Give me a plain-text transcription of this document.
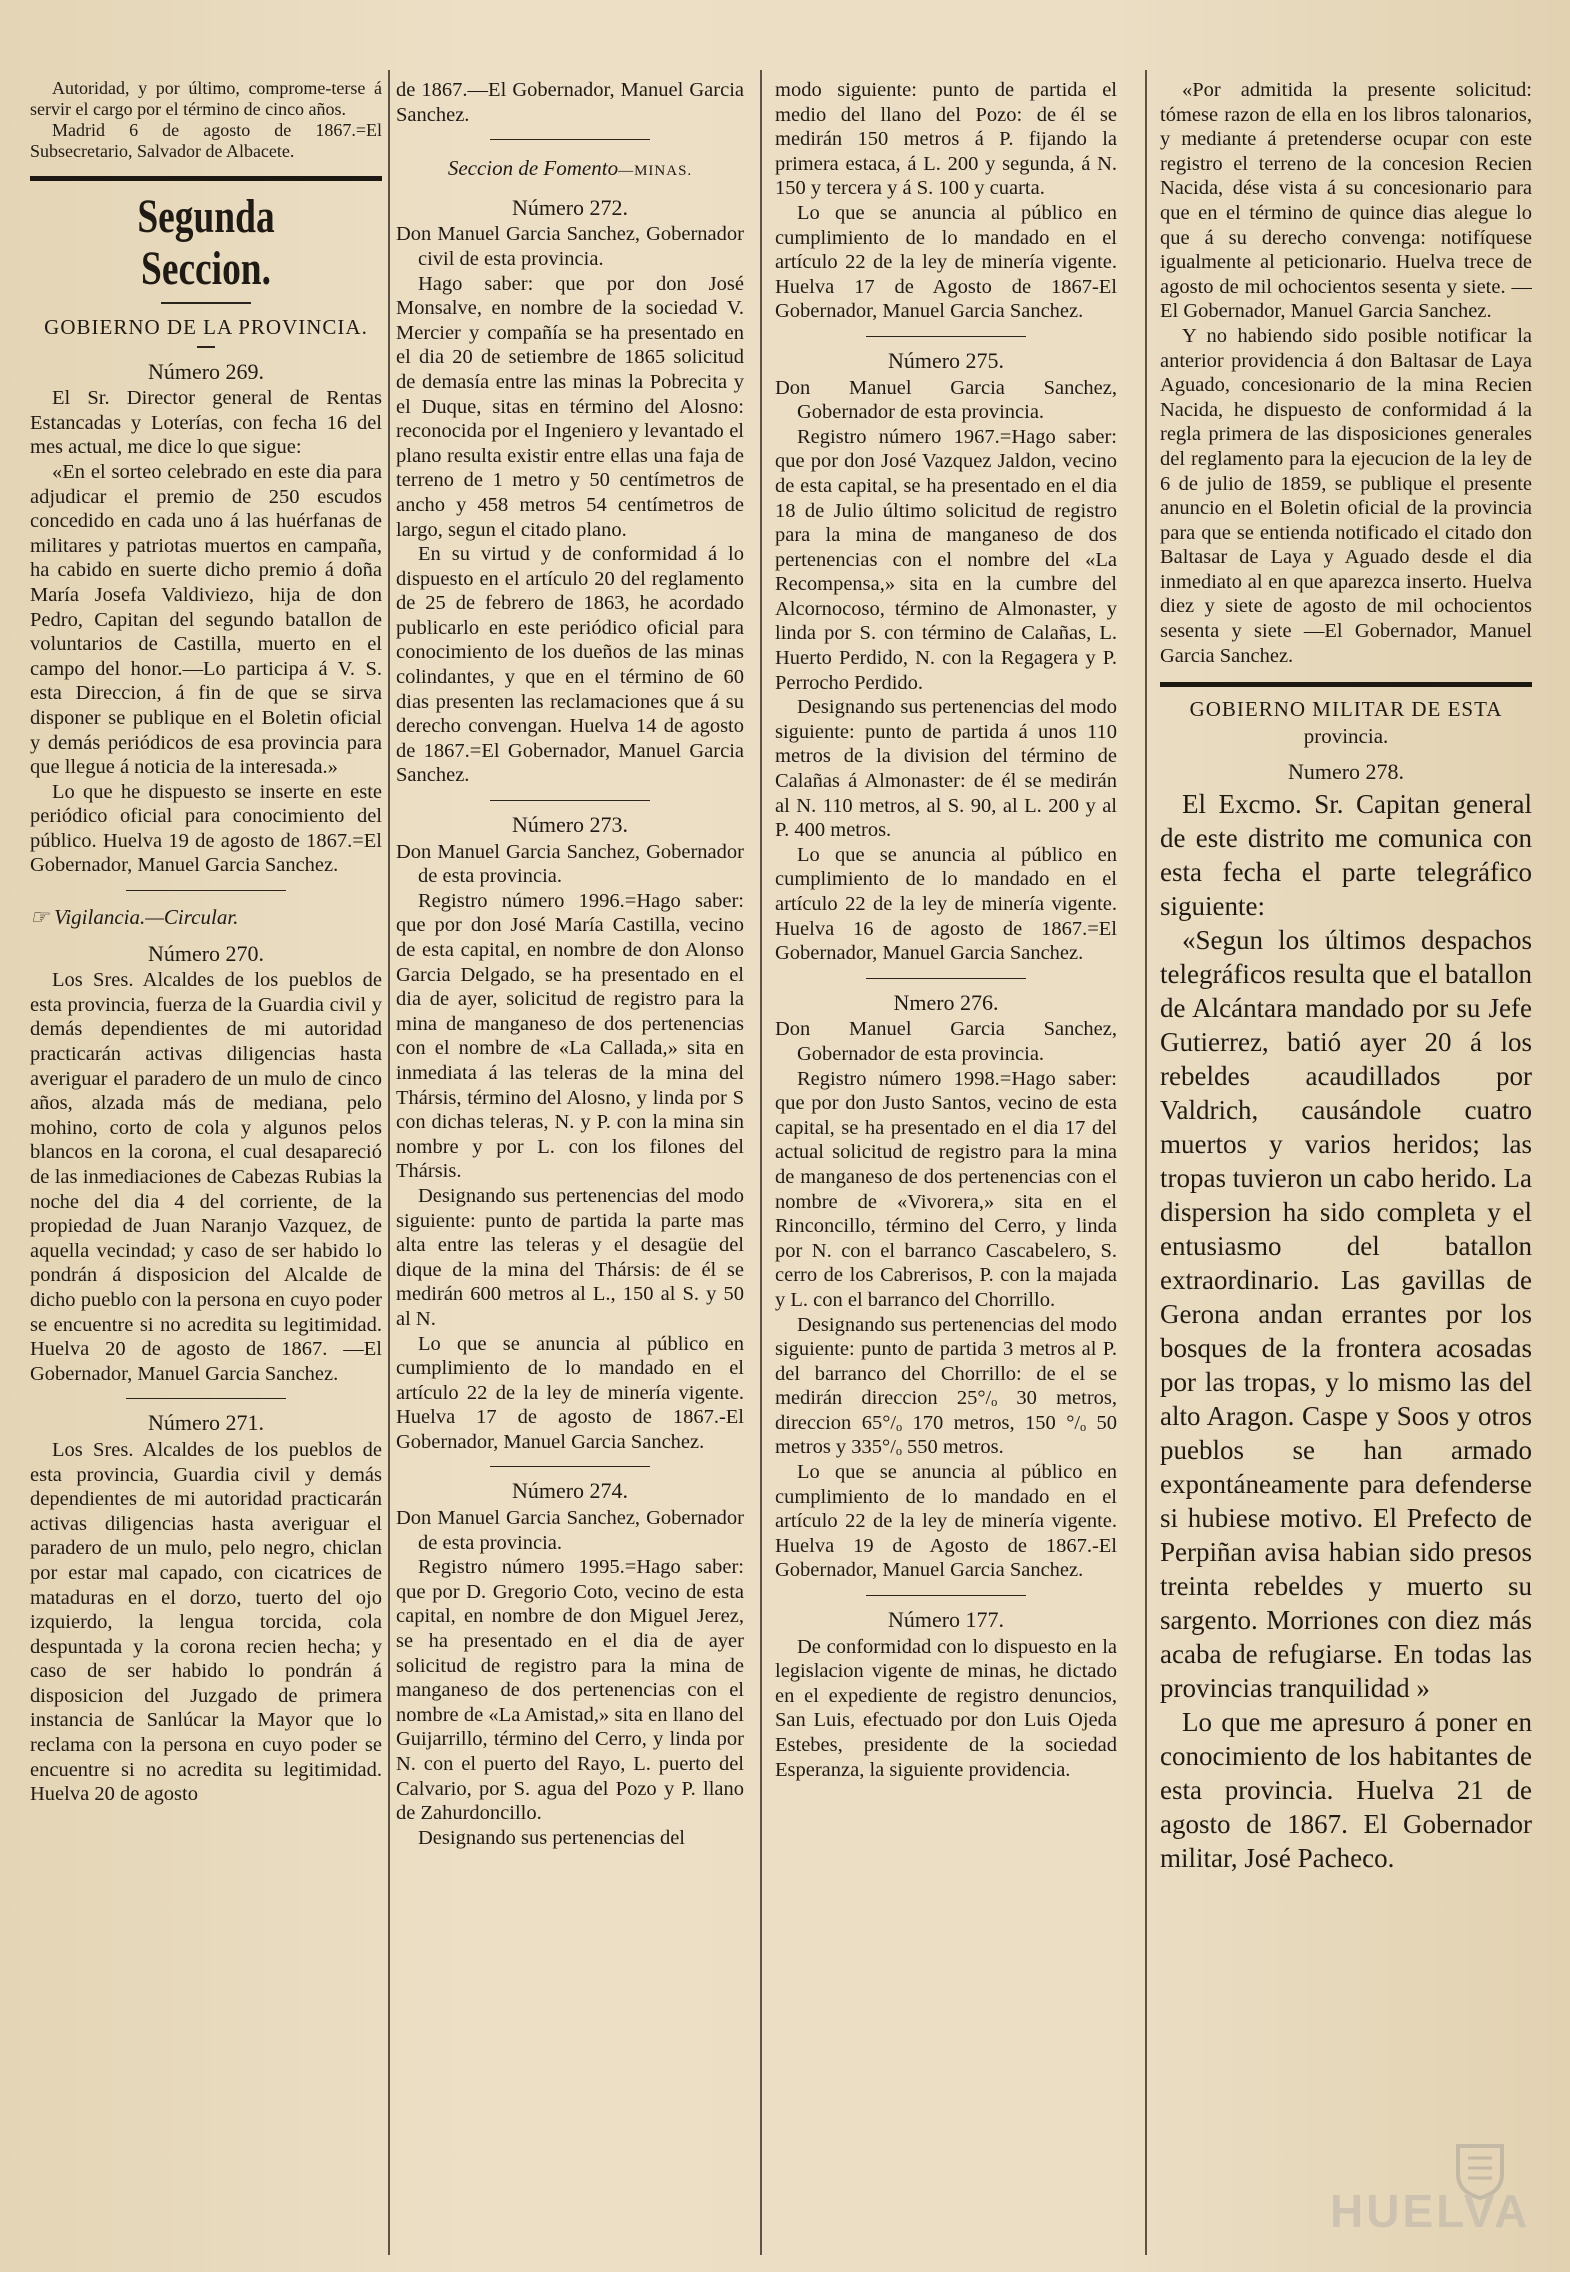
Autoridad, y por último, comprome-terse á servir el cargo por el término de cinco años.

Madrid 6 de agosto de 1867.=El Subsecretario, Salvador de Albacete.

Segunda Seccion.
GOBIERNO DE LA PROVINCIA.
Número 269.

El Sr. Director general de Rentas Estancadas y Loterías, con fecha 16 del mes actual, me dice lo que sigue:

«En el sorteo celebrado en este dia para adjudicar el premio de 250 escudos concedido en cada uno á las huérfanas de militares y patriotas muertos en campaña, ha cabido en suerte dicho premio á doña María Josefa Valdiviezo, hija de don Pedro, Capitan del segundo batallon de voluntarios de Castilla, muerto en el campo del honor.—Lo participa á V. S. esta Direccion, á fin de que se sirva disponer se publique en el Boletin oficial y demás periódicos de esa provincia para que llegue á noticia de la interesada.»

Lo que he dispuesto se inserte en este periódico oficial para conocimiento del público. Huelva 19 de agosto de 1867.=El Gobernador, Manuel Garcia Sanchez.

☞ Vigilancia.—Circular.
Número 270.

Los Sres. Alcaldes de los pueblos de esta provincia, fuerza de la Guardia civil y demás dependientes de mi autoridad practicarán activas diligencias hasta averiguar el paradero de un mulo de cinco años, alzada más de mediana, pelo mohino, corto de cola y algunos pelos blancos en la corona, el cual desapareció de las inmediaciones de Cabezas Rubias la noche del dia 4 del corriente, de la propiedad de Juan Naranjo Vazquez, de aquella vecindad; y caso de ser habido lo pondrán á disposicion del Alcalde de dicho pueblo con la persona en cuyo poder se encuentre si no acredita su legitimidad. Huelva 20 de agosto de 1867. —El Gobernador, Manuel Garcia Sanchez.

Número 271.

Los Sres. Alcaldes de los pueblos de esta provincia, Guardia civil y demás dependientes de mi autoridad practicarán activas diligencias hasta averiguar el paradero de un mulo, pelo negro, chiclan por estar mal capado, con cicatrices de mataduras en el dorzo, tuerto del ojo izquierdo, la lengua torcida, cola despuntada y la corona recien hecha; y caso de ser habido lo pondrán á disposicion del Juzgado de primera instancia de Sanlúcar la Mayor que lo reclama con la persona en cuyo poder se encuentre si no acredita su legitimidad. Huelva 20 de agosto

de 1867.—El Gobernador, Manuel Garcia Sanchez.

Seccion de Fomento—MINAS.
Número 272.

Don Manuel Garcia Sanchez, Gobernador civil de esta provincia.

Hago saber: que por don José Monsalve, en nombre de la sociedad V. Mercier y compañía se ha presentado en el dia 20 de setiembre de 1865 solicitud de demasía entre las minas la Pobrecita y el Duque, sitas en término del Alosno: reconocida por el Ingeniero y levantado el plano resulta existir entre ellas una faja de terreno de 1 metro y 50 centímetros de ancho y 458 metros 54 centímetros de largo, segun el citado plano.

En su virtud y de conformidad á lo dispuesto en el artículo 20 del reglamento de 25 de febrero de 1863, he acordado publicarlo en este periódico oficial para conocimiento de los dueños de las minas colindantes, y que en el término de 60 dias presenten las reclamaciones que á su derecho convengan. Huelva 14 de agosto de 1867.=El Gobernador, Manuel Garcia Sanchez.

Número 273.

Don Manuel Garcia Sanchez, Gobernador de esta provincia.

Registro número 1996.=Hago saber: que por don José María Castilla, vecino de esta capital, en nombre de don Alonso Garcia Delgado, se ha presentado en el dia de ayer, solicitud de registro para la mina de manganeso de dos pertenencias con el nombre de «La Callada,» sita en inmediata á las teleras de la mina del Thársis, término del Alosno, y linda por S con dichas teleras, N. y P. con la mina sin nombre y por L. con los filones del Thársis.

Designando sus pertenencias del modo siguiente: punto de partida la parte mas alta entre las teleras y el desagüe del dique de la mina del Thársis: de él se medirán 600 metros al L., 150 al S. y 50 al N.

Lo que se anuncia al público en cumplimiento de lo mandado en el artículo 22 de la ley de minería vigente. Huelva 17 de agosto de 1867.-El Gobernador, Manuel Garcia Sanchez.

Número 274.

Don Manuel Garcia Sanchez, Gobernador de esta provincia.

Registro número 1995.=Hago saber: que por D. Gregorio Coto, vecino de esta capital, en nombre de don Miguel Jerez, se ha presentado en el dia de ayer solicitud de registro para la mina de manganeso de dos pertenencias con el nombre de «La Amistad,» sita en llano del Guijarrillo, término del Cerro, y linda por N. con el puerto del Rayo, L. puerto del Calvario, por S. agua del Pozo y P. llano de Zahurdoncillo.

Designando sus pertenencias del

modo siguiente: punto de partida el medio del llano del Pozo: de él se medirán 150 metros á P. fijando la primera estaca, á L. 200 y segunda, á N. 150 y tercera y á S. 100 y cuarta.

Lo que se anuncia al público en cumplimiento de lo mandado en el artículo 22 de la ley de minería vigente. Huelva 17 de Agosto de 1867-El Gobernador, Manuel Garcia Sanchez.

Número 275.

Don Manuel Garcia Sanchez, Gobernador de esta provincia.

Registro número 1967.=Hago saber: que por don José Vazquez Jaldon, vecino de esta capital, se ha presentado en el dia 18 de Julio último solicitud de registro para la mina de manganeso de dos pertenencias con el nombre del «La Recompensa,» sita en la cumbre del Alcornocoso, término de Almonaster, y linda por S. con término de Calañas, L. Huerto Perdido, N. con la Regagera y P. Perrocho Perdido.

Designando sus pertenencias del modo siguiente: punto de partida á unos 110 metros de la division del término de Calañas á Almonaster: de él se medirán al N. 110 metros, al S. 90, al L. 200 y al P. 400 metros.

Lo que se anuncia al público en cumplimiento de lo mandado en el artículo 22 de la ley de minería vigente. Huelva 16 de agosto de 1867.=El Gobernador, Manuel Garcia Sanchez.

Nmero 276.

Don Manuel Garcia Sanchez, Gobernador de esta provincia.

Registro número 1998.=Hago saber: que por don Justo Santos, vecino de esta capital, se ha presentado en el dia 17 del actual solicitud de registro para la mina de manganeso de dos pertenencias con el nombre de «Vivorera,» sita en el Rinconcillo, término del Cerro, y linda por N. con el barranco Cascabelero, S. cerro de los Cabrerisos, P. con la majada y L. con el barranco del Chorrillo.

Designando sus pertenencias del modo siguiente: punto de partida 3 metros al P. del barranco del Chorrillo: de el se medirán direccion 25°/ₒ 30 metros, direccion 65°/ₒ 170 metros, 150 °/ₒ 50 metros y 335°/ₒ 550 metros.

Lo que se anuncia al público en cumplimiento de lo mandado en el artículo 22 de la ley de minería vigente. Huelva 19 de Agosto de 1867.-El Gobernador, Manuel Garcia Sanchez.

Número 177.

De conformidad con lo dispuesto en la legislacion vigente de minas, he dictado en el expediente de registro denuncios, San Luis, efectuado por don Luis Ojeda Estebes, presidente de la sociedad Esperanza, la siguiente providencia.

«Por admitida la presente solicitud: tómese razon de ella en los libros talonarios, y mediante á pretenderse ocupar con este registro el terreno de la concesion Recien Nacida, dése vista á su concesionario para que en el término de quince dias alegue lo que á su derecho convenga: notifíquese igualmente al peticionario. Huelva trece de agosto de mil ochocientos sesenta y siete. —El Gobernador, Manuel Garcia Sanchez.

Y no habiendo sido posible notificar la anterior providencia á don Baltasar de Laya Aguado, concesionario de la mina Recien Nacida, he dispuesto de conformidad á la regla primera de las disposiciones generales del reglamento para la ejecucion de la ley de 6 de julio de 1859, se publique el presente anuncio en el Boletin oficial de la provincia para que se entienda notificado el citado don Baltasar de Laya y Aguado desde el dia inmediato al en que aparezca inserto. Huelva diez y siete de agosto de mil ochocientos sesenta y siete —El Gobernador, Manuel Garcia Sanchez.

GOBIERNO MILITAR DE ESTA
provincia.
Numero 278.

El Excmo. Sr. Capitan general de este distrito me comunica con esta fecha el parte telegráfico siguiente:

«Segun los últimos despachos telegráficos resulta que el batallon de Alcántara mandado por su Jefe Gutierrez, batió ayer 20 á los rebeldes acaudillados por Valdrich, causándole cuatro muertos y varios heridos; las tropas tuvieron un cabo herido. La dispersion ha sido completa y el entusiasmo del batallon extraordinario. Las gavillas de Gerona andan errantes por los bosques de la frontera acosadas por las tropas, y lo mismo las del alto Aragon. Caspe y Soos y otros pueblos se han armado expontáneamente para defenderse si hubiese motivo. El Prefecto de Perpiñan avisa habian sido presos treinta rebeldes y muerto su sargento. Morriones con diez más acaba de refugiarse. En todas las provincias tranquilidad »

Lo que me apresuro á poner en conocimiento de los habitantes de esta provincia. Huelva 21 de agosto de 1867. El Gobernador militar, José Pacheco.

HUELVA
